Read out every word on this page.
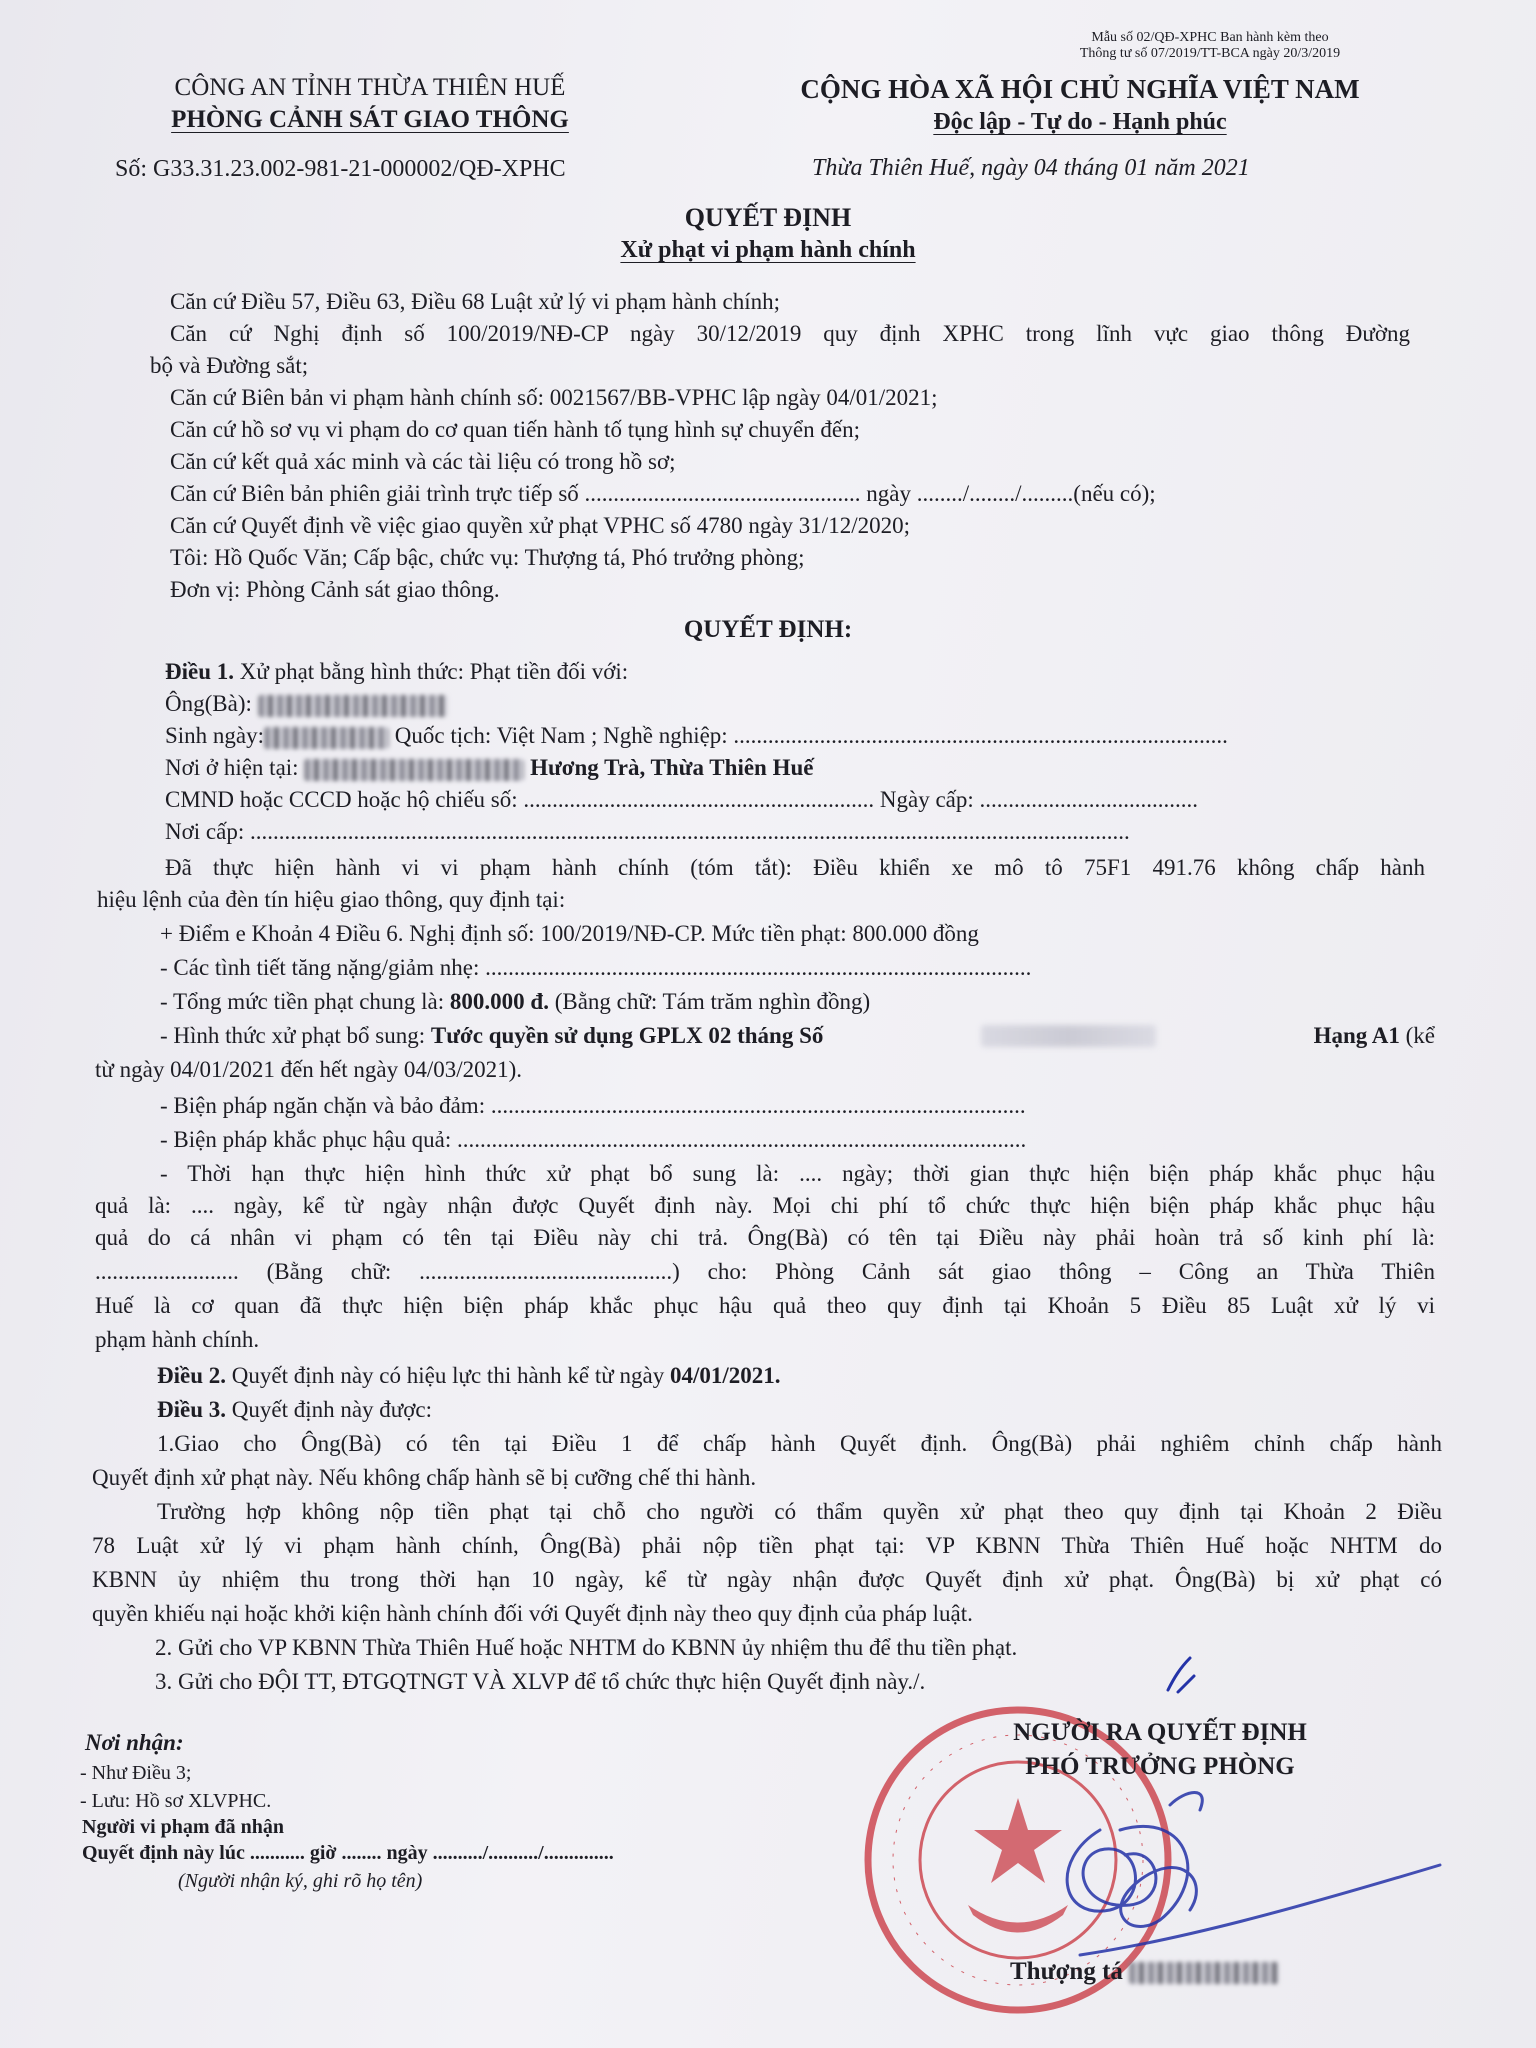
Mẫu số 02/QĐ-XPHC Ban hành kèm theo
Thông tư số 07/2019/TT-BCA ngày 20/3/2019
CÔNG AN TỈNH THỪA THIÊN HUẾ
PHÒNG CẢNH SÁT GIAO THÔNG
Số: G33.31.23.002-981-21-000002/QĐ-XPHC
CỘNG HÒA XÃ HỘI CHỦ NGHĨA VIỆT NAM
Độc lập - Tự do - Hạnh phúc
Thừa Thiên Huế, ngày 04 tháng 01 năm 2021
QUYẾT ĐỊNH
Xử phạt vi phạm hành chính
Căn cứ Điều 57, Điều 63, Điều 68 Luật xử lý vi phạm hành chính;
Căn cứ Nghị định số 100/2019/NĐ-CP ngày 30/12/2019 quy định XPHC trong lĩnh vực giao thông Đường
bộ và Đường sắt;
Căn cứ Biên bản vi phạm hành chính số: 0021567/BB-VPHC lập ngày 04/01/2021;
Căn cứ hồ sơ vụ vi phạm do cơ quan tiến hành tố tụng hình sự chuyển đến;
Căn cứ kết quả xác minh và các tài liệu có trong hồ sơ;
Căn cứ Biên bản phiên giải trình trực tiếp số ................................................ ngày ......../......../.........(nếu có);
Căn cứ Quyết định về việc giao quyền xử phạt VPHC số 4780 ngày 31/12/2020;
Tôi: Hồ Quốc Văn; Cấp bậc, chức vụ: Thượng tá, Phó trưởng phòng;
Đơn vị: Phòng Cảnh sát giao thông.
QUYẾT ĐỊNH:
Điều 1. Xử phạt bằng hình thức: Phạt tiền đối với:
Ông(Bà):
Sinh ngày:	Quốc tịch: Việt Nam ; Nghề nghiệp: ......................................................................................
Nơi ở hiện tại:	Hương Trà, Thừa Thiên Huế
CMND hoặc CCCD hoặc hộ chiếu số: ............................................................. Ngày cấp: ......................................
Nơi cấp: .........................................................................................................................................................
Đã thực hiện hành vi vi phạm hành chính (tóm tắt): Điều khiển xe mô tô 75F1 491.76 không chấp hành
hiệu lệnh của đèn tín hiệu giao thông, quy định tại:
+ Điểm e Khoản 4 Điều 6. Nghị định số: 100/2019/NĐ-CP. Mức tiền phạt: 800.000 đồng
- Các tình tiết tăng nặng/giảm nhẹ: ...............................................................................................
- Tổng mức tiền phạt chung là: 800.000 đ. (Bằng chữ: Tám trăm nghìn đồng)
- Hình thức xử phạt bổ sung: Tước quyền sử dụng GPLX 02 tháng Số	Hạng A1 (kể
từ ngày 04/01/2021 đến hết ngày 04/03/2021).
- Biện pháp ngăn chặn và bảo đảm: .............................................................................................
- Biện pháp khắc phục hậu quả: ...................................................................................................
- Thời hạn thực hiện hình thức xử phạt bổ sung là: .... ngày; thời gian thực hiện biện pháp khắc phục hậu
quả là: .... ngày, kể từ ngày nhận được Quyết định này. Mọi chi phí tổ chức thực hiện biện pháp khắc phục hậu
quả do cá nhân vi phạm có tên tại Điều này chi trả. Ông(Bà) có tên tại Điều này phải hoàn trả số kinh phí là:
......................... (Bằng chữ: ............................................) cho: Phòng Cảnh sát giao thông – Công an Thừa Thiên
Huế là cơ quan đã thực hiện biện pháp khắc phục hậu quả theo quy định tại Khoản 5 Điều 85 Luật xử lý vi
phạm hành chính.
Điều 2. Quyết định này có hiệu lực thi hành kể từ ngày 04/01/2021.
Điều 3. Quyết định này được:
1.Giao cho Ông(Bà) có tên tại Điều 1 để chấp hành Quyết định. Ông(Bà) phải nghiêm chỉnh chấp hành
Quyết định xử phạt này. Nếu không chấp hành sẽ bị cưỡng chế thi hành.
Trường hợp không nộp tiền phạt tại chỗ cho người có thẩm quyền xử phạt theo quy định tại Khoản 2 Điều
78 Luật xử lý vi phạm hành chính, Ông(Bà) phải nộp tiền phạt tại: VP KBNN Thừa Thiên Huế hoặc NHTM do
KBNN ủy nhiệm thu trong thời hạn 10 ngày, kể từ ngày nhận được Quyết định xử phạt. Ông(Bà) bị xử phạt có
quyền khiếu nại hoặc khởi kiện hành chính đối với Quyết định này theo quy định của pháp luật.
2. Gửi cho VP KBNN Thừa Thiên Huế hoặc NHTM do KBNN ủy nhiệm thu để thu tiền phạt.
3. Gửi cho ĐỘI TT, ĐTGQTNGT VÀ XLVP để tổ chức thực hiện Quyết định này./.
Nơi nhận:
- Như Điều 3;
- Lưu: Hồ sơ XLVPHC.
Người vi phạm đã nhận
Quyết định này lúc ........... giờ ........ ngày ........../........../..............
(Người nhận ký, ghi rõ họ tên)
NGƯỜI RA QUYẾT ĐỊNH
PHÓ TRƯỞNG PHÒNG
Thượng tá
